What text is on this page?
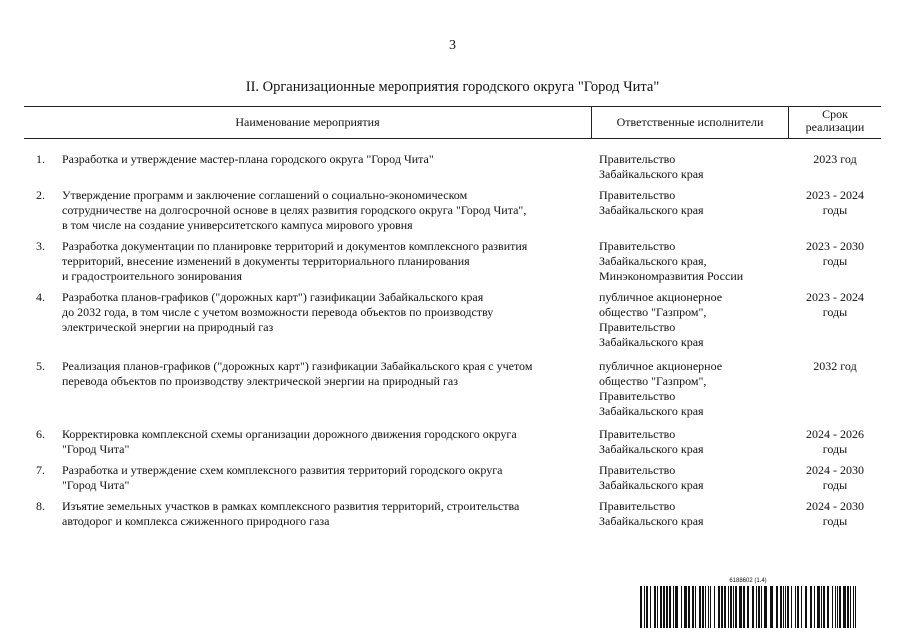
3
II. Организационные мероприятия городского округа "Город Чита"
Наименование мероприятия	Ответственные исполнители
Срок
реализации
1. Разработка и утверждение мастер-плана городского округа "Город Чита"	Правительство
Забайкальского края
2023 год
2. Утверждение программ и заключение соглашений о социально-экономическом
сотрудничестве на долгосрочной основе в целях развития городского округа "Город Чита",
в том числе на создание университетского кампуса мирового уровня
Правительство
Забайкальского края
2023 - 2024
годы
3. Разработка документации по планировке территорий и документов комплексного развития
территорий, внесение изменений в документы территориального планирования
и градостроительного зонирования
Правительство
Забайкальского края,
Минэкономразвития России
2023 - 2030
годы
4. Разработка планов-графиков ("дорожных карт") газификации Забайкальского края
до 2032 года, в том числе с учетом возможности перевода объектов по производству
электрической энергии на природный газ
публичное акционерное
общество "Газпром",
Правительство
Забайкальского края
2023 - 2024
годы
5. Реализация планов-графиков ("дорожных карт") газификации Забайкальского края с учетом
перевода объектов по производству электрической энергии на природный газ
публичное акционерное
общество "Газпром",
Правительство
Забайкальского края
2032 год
6. Корректировка комплексной схемы организации дорожного движения городского округа
"Город Чита"
Правительство
Забайкальского края
2024 - 2026
годы
7. Разработка и утверждение схем комплексного развития территорий городского округа
"Город Чита"
Правительство
Забайкальского края
2024 - 2030
годы
8. Изъятие земельных участков в рамках комплексного развития территорий, строительства
автодорог и комплекса сжиженного природного газа
Правительство
Забайкальского края
2024 - 2030
годы
6188602 (1.4)
